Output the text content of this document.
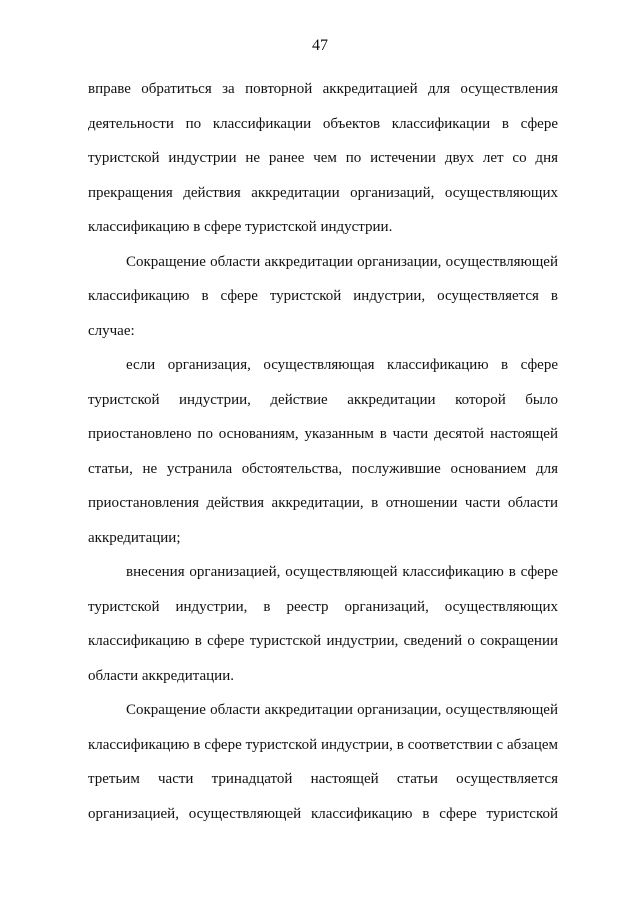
47

вправе обратиться за повторной аккредитацией для осуществления деятельности по классификации объектов классификации в сфере туристской индустрии не ранее чем по истечении двух лет со дня прекращения действия аккредитации организаций, осуществляющих классификацию в сфере туристской индустрии.

Сокращение области аккредитации организации, осуществляющей классификацию в сфере туристской индустрии, осуществляется в случае:

если организация, осуществляющая классификацию в сфере туристской индустрии, действие аккредитации которой было приостановлено по основаниям, указанным в части десятой настоящей статьи, не устранила обстоятельства, послужившие основанием для приостановления действия аккредитации, в отношении части области аккредитации;

внесения организацией, осуществляющей классификацию в сфере туристской индустрии, в реестр организаций, осуществляющих классификацию в сфере туристской индустрии, сведений о сокращении области аккредитации.

Сокращение области аккредитации организации, осуществляющей классификацию в сфере туристской индустрии, в соответствии с абзацем третьим части тринадцатой настоящей статьи осуществляется организацией, осуществляющей классификацию в сфере туристской
